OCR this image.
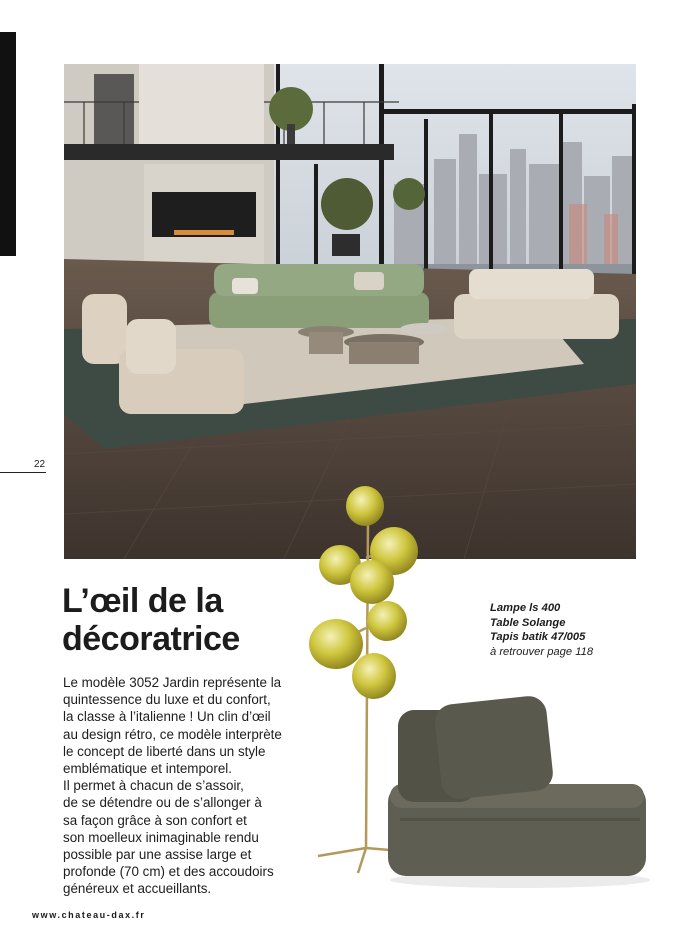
22
L’œil de la
décoratrice
Le modèle 3052 Jardin représente la
quintessence du luxe et du confort,
la classe à l’italienne ! Un clin d’œil
au design rétro, ce modèle interprète
le concept de liberté dans un style
emblématique et intemporel.
Il permet à chacun de s’assoir,
de se détendre ou de s’allonger à
sa façon grâce à son confort et
son moelleux inimaginable rendu
possible par une assise large et
profonde (70 cm) et des accoudoirs
généreux et accueillants.
Lampe ls 400
Table Solange
Tapis batik 47/005
à retrouver page 118
www.chateau-dax.fr
